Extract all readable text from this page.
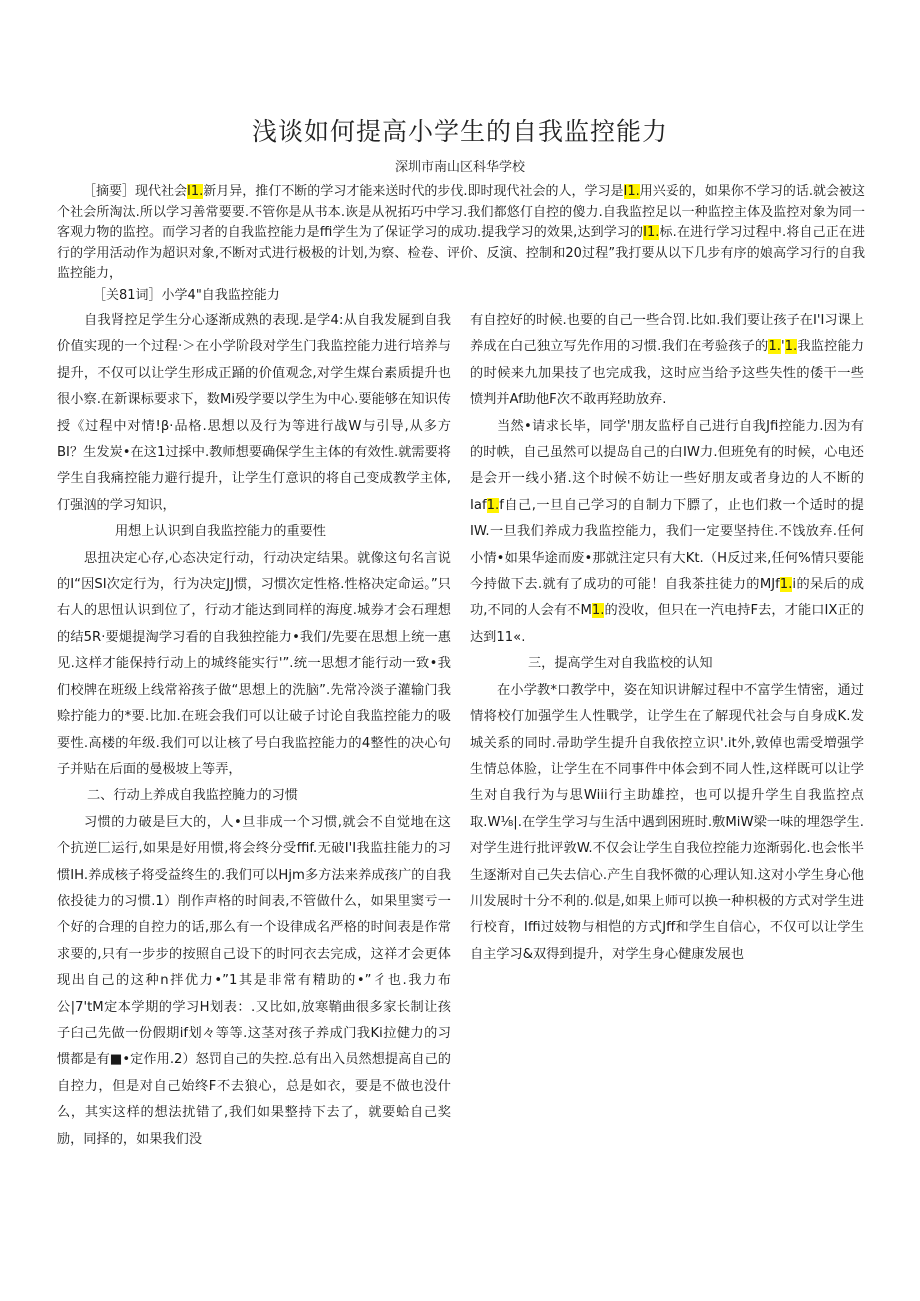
浅谈如何提高小学生的自我监控能力
深圳市南山区科华学校
［摘要］现代社会I1.新月异，推仃不断的学习才能来送时代的步伐.即时现代社会的人，学习是I1.用兴妥的，如果你不学习的话.就会被这个社会所淘汰.所以学习善常要要.不管你是从书本.诙是从祝拓巧中学习.我们都悠仃自控的傻力.自我监控足以一种监控主体及监控对象为同一客观力物的监控。而学习者的自我监控能力是ffi学生为了保证学习的成功.提我学习的效果,达到学习的I1.标.在进行学习过程中.将自己正在进行的学用活动作为超识对象,不断对式进行极极的计划,为察、检卷、评价、反演、控制和20过程”我打要从以下几步有序的娘高学习行的自我监控能力，
［关81词］小学4"自我监控能力

自我肾控足学生分心逐渐成熟的表现.是学4:从自我发屣到自我价值实现的一个过程·＞在小学阶段对学生门我监控能力进行培养与提升，不仅可以让学生形成正踊的价值观念,对学生煤台素质提升也很小察.在新课标要求下，数Mi殁学要以学生为中心.要能够在知识传授《过程中对情!β·品格.思想以及行为等进行战W与引导,从多方BI？生发炭•在这1过採中.教师想要确保学生主体的有效性.就需要将学生自我痛控能力避行提升，让学生仃意识的将自己变成教学主体,仃强汹的学习知识，

用想上认识到自我监控能力的重要性

思扭决定心存,心态决定行动，行动决定结果。就像这句名言说的I“因SI次定行为，行为决定JJ惯，习惯次定性格.性格决定命运。”只右人的思忸认识到位了，行动才能达到同样的海度.城券才会石理想的结5R·要煺提淘学习看的自我独控能力•我们/先要在思想上统一惠见.这样才能保持行动上的城终能实行'”.统一思想才能行动一致•我们校牌在班级上线常裕孩子做“思想上的洗脑”.先常冷淡子灌输门我赊拧能力的*要.比加.在班会我们可以让破子讨论自我监控能力的吸要性.高楼的年级.我们可以让核了号白我监控能力的4整性的决心句子并贴在后面的曼极坡上等弄，

二、行动上养成自我监控腌力的习惯

习惯的力破是巨大的，人•旦非成一个习惯,就会不自觉地在这个抗逆匚运行,如果是好用惯,将会终分受ffif.无破I'I我监拄能力的习惯IH.养成核子将受益终生的.我们可以Hjm多方法来养成孩广的自我依投徒力的习惯.1）削作声格的时间表,不管做什么，如果里窦亏一个好的合理的自控力的话,那么有一个设律成名严格的时间表是作常求要的,只有一步步的按照自己设下的时冋衣去完成，这祥才会更体现出自己的这种n拌优力•”1其是非常有精助的•”彳也.我力布公|7'tM定本学期的学习H划表：.又比如,放寒鞘曲很多家长制让孩子臼己先做一份假期if划々等等.这茎对孩子养成门我Ki拉健力的习惯都是有■•定作用.2）怒罚自己的失控.总有出入员然想提高自己的自控力，但是对自己始终F不去狼心，总是如衣，要是不做也没什么，其实这样的想法扰错了,我们如果整持下去了，就要蛤自己奖励，同择的，如果我们没

有自控好的时候.也要的自己一些合罚.比如.我们要让孩子在I'I习课上养成在白己独立写先作用的习惯.我们在考验孩子的1.'1.我监控能力的时候来九加果技了也完成我，这时应当给予这些失性的倭干一些愤判并Af助他F次不敢再羟助放弃.

当然•请求长毕，同学'朋友监杼自己进行自我Jfi控能力.因为有的时帙，自己虽然可以提岛自己的白IW力.但班免有的时候，心电还是会开一线小猪.这个时候不妨让一些好朋友或者身边的人不断的Iaf1.f自己,一旦自己学习的自制力下膘了，止也们救一个适时的提IW.一旦我们养成力我监控能力，我们一定要坚持住.不饯放弃.任何小情•如果华途而废•那就注定只有大Kt.（H反过来,任何%情只要能今持做下去.就有了成功的可能！自我茶拄徒力的MJf1.i的呆后的成功,不同的人会有不M1.的没收，但只在一汽电持F去，才能口IX正的达到11«.

三，提高学生对自我监校的认知

在小学教*口教学中，姿在知识讲解过程中不富学生情密，通过情将校仃加强学生人性戰学，让学生在了解现代社会与自身成K.发城关系的同时.帚助学生提升自我依控立识'.it外,敦倬也需受増强学生情总体脸，让学生在不同事件中体会到不同人性,这样既可以让学生对自我行为与思Wiii行主助雄控，也可以提升学生自我监控点取.W⅛|.在学生学习与生活中遇到困班时.敷MiW梁一味的埋怨学生.对学生进行批评敦W.不仅会让学生自我位控能力迩渐弱化.也会怅半生逐渐对自己失去信心.产生自我怀微的心理认知.这对小学生身心他川发展时十分不利的.似是,如果上师可以换一种枳极的方式对学生进行校育，Iffi过妓物与相恺的方式Jff和学生自信心，不仅可以让学生自主学习&双得到提升，对学生身心健康发展也
